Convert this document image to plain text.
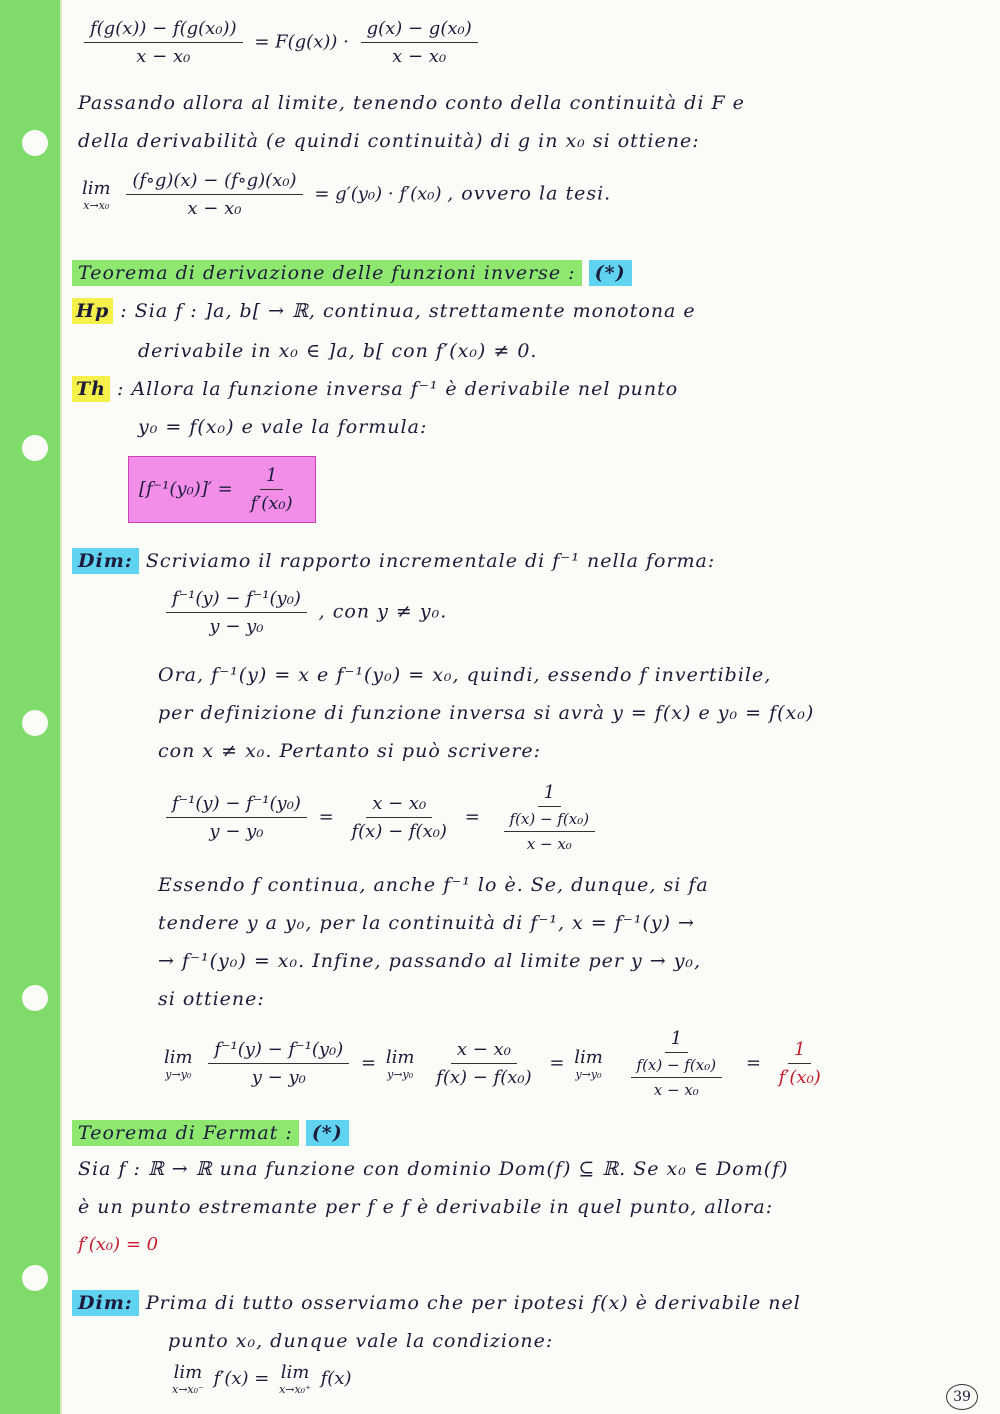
$\frac{\text{f(g(x)) − f(g(x₀))}}{\text{x − x₀}} = F(g(x)) \cdot \frac{\text{g(x) − g(x₀)}}{\text{x − x₀}}$
Passando allora al limite, tenendo conto della continuità di F e
della derivabilità (e quindi continuità) di g in x₀ si ottiene:
lim
x→x₀
$\frac{\text{(f∘g)(x) − (f∘g)(x₀)}}{\text{x − x₀}} = g'(y_0) \cdot f'(x_0)$ , ovvero la tesi.
Teorema di derivazione delle funzioni inverse : (*)
Hp : Sia f : ]a, b[ → ℝ, continua, strettamente monotona e
derivabile in x₀ ∈ ]a, b[ con f′(x₀) ≠ 0.
Th : Allora la funzione inversa f⁻¹ è derivabile nel punto
y₀ = f(x₀) e vale la formula:
$[f^{-1}(y_0)]' = \frac{1}{\text{f′(x₀)}}$
Dim: Scriviamo il rapporto incrementale di f⁻¹ nella forma:
$\frac{\text{f⁻¹(y) − f⁻¹(y₀)}}{\text{y − y₀}}$ , con y ≠ y₀.
Ora, f⁻¹(y) = x e f⁻¹(y₀) = x₀, quindi, essendo f invertibile,
per definizione di funzione inversa si avrà y = f(x) e y₀ = f(x₀)
con x ≠ x₀. Pertanto si può scrivere:
$\frac{\text{f⁻¹(y) − f⁻¹(y₀)}}{\text{y − y₀}} = \frac{\text{x − x₀}}{\text{f(x) − f(x₀)}} = \frac{1}{\frac{\text{f(x) − f(x₀)}}{\text{x − x₀}}}$
Essendo f continua, anche f⁻¹ lo è. Se, dunque, si fa
tendere y a y₀, per la continuità di f⁻¹, x = f⁻¹(y) →
→ f⁻¹(y₀) = x₀. Infine, passando al limite per y → y₀,
si ottiene:
lim
y→y₀
$\frac{\text{f⁻¹(y) − f⁻¹(y₀)}}{\text{y − y₀}} = \lim$
y→y₀
$\frac{\text{x − x₀}}{\text{f(x) − f(x₀)}} = \lim$
y→y₀
$\frac{1}{\frac{\text{f(x) − f(x₀)}}{\text{x − x₀}}} = \frac{1}{\text{f′(x₀)}}$
Teorema di Fermat : (*)
Sia f : ℝ → ℝ una funzione con dominio Dom(f) ⊆ ℝ. Se x₀ ∈ Dom(f)
è un punto estremante per f e f è derivabile in quel punto, allora:
f′(x₀) = 0
Dim: Prima di tutto osserviamo che per ipotesi f(x) è derivabile nel
punto x₀, dunque vale la condizione:
lim
x→x₀⁻
f′(x) = lim
x→x₀⁺
f(x)
39
